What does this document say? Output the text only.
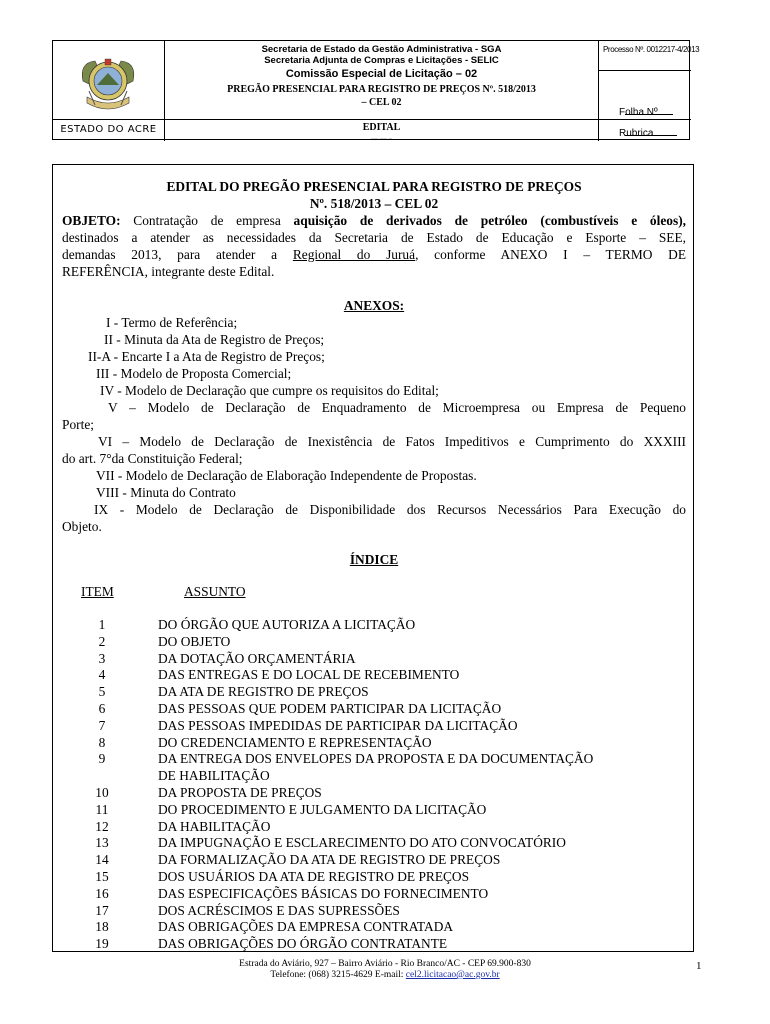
ESTADO DO ACRE
Secretaria de Estado da Gestão Administrativa - SGA
Secretaria Adjunta de Compras e Licitações - SELIC
Comissão Especial de Licitação – 02
PREGÃO PRESENCIAL PARA REGISTRO DE PREÇOS Nº. 518/2013
– CEL 02
EDITAL
— — –
Processo Nº. 0012217-4/2013
Folha Nº
Rubrica
EDITAL DO PREGÃO PRESENCIAL PARA REGISTRO DE PREÇOS
Nº. 518/2013 – CEL 02
OBJETO: Contratação de empresa aquisição de derivados de petróleo (combustíveis e óleos),
destinados a atender as necessidades da Secretaria de Estado de Educação e Esporte – SEE,
demandas 2013, para atender a Regional do Juruá, conforme ANEXO I – TERMO DE
REFERÊNCIA, integrante deste Edital.
ANEXOS:
I - Termo de Referência;
II - Minuta da Ata de Registro de Preços;
II-A - Encarte I a Ata de Registro de Preços;
III - Modelo de Proposta Comercial;
IV - Modelo de Declaração que cumpre os requisitos do Edital;
V – Modelo de Declaração de Enquadramento de Microempresa ou Empresa de Pequeno
Porte;
VI – Modelo de Declaração de Inexistência de Fatos Impeditivos e Cumprimento do XXXIII
do art. 7°da Constituição Federal;
VII - Modelo de Declaração de Elaboração Independente de Propostas.
VIII - Minuta do Contrato
IX - Modelo de Declaração de Disponibilidade dos Recursos Necessários Para Execução do
Objeto.
ÍNDICE
ITEM	ASSUNTO
1	DO ÓRGÃO QUE AUTORIZA A LICITAÇÃO
2	DO OBJETO
3	DA DOTAÇÃO ORÇAMENTÁRIA
4	DAS ENTREGAS E DO LOCAL DE RECEBIMENTO
5	DA ATA DE REGISTRO DE PREÇOS
6	DAS PESSOAS QUE PODEM PARTICIPAR DA LICITAÇÃO
7	DAS PESSOAS IMPEDIDAS DE PARTICIPAR DA LICITAÇÃO
8	DO CREDENCIAMENTO E REPRESENTAÇÃO
9	DA ENTREGA DOS ENVELOPES DA PROPOSTA E DA DOCUMENTAÇÃO
DE HABILITAÇÃO
10	DA PROPOSTA DE PREÇOS
11	DO PROCEDIMENTO E JULGAMENTO DA LICITAÇÃO
12	DA HABILITAÇÃO
13	DA IMPUGNAÇÃO E ESCLARECIMENTO DO ATO CONVOCATÓRIO
14	DA FORMALIZAÇÃO DA ATA DE REGISTRO DE PREÇOS
15	DOS USUÁRIOS DA ATA DE REGISTRO DE PREÇOS
16	DAS ESPECIFICAÇÕES BÁSICAS DO FORNECIMENTO
17	DOS ACRÉSCIMOS E DAS SUPRESSÕES
18	DAS OBRIGAÇÕES DA EMPRESA CONTRATADA
19	DAS OBRIGAÇÕES DO ÓRGÃO CONTRATANTE
Estrada do Aviário, 927 – Bairro Aviário - Rio Branco/AC - CEP 69.900-830
Telefone: (068) 3215-4629 E-mail: cel2.licitacao@ac.gov.br
1
